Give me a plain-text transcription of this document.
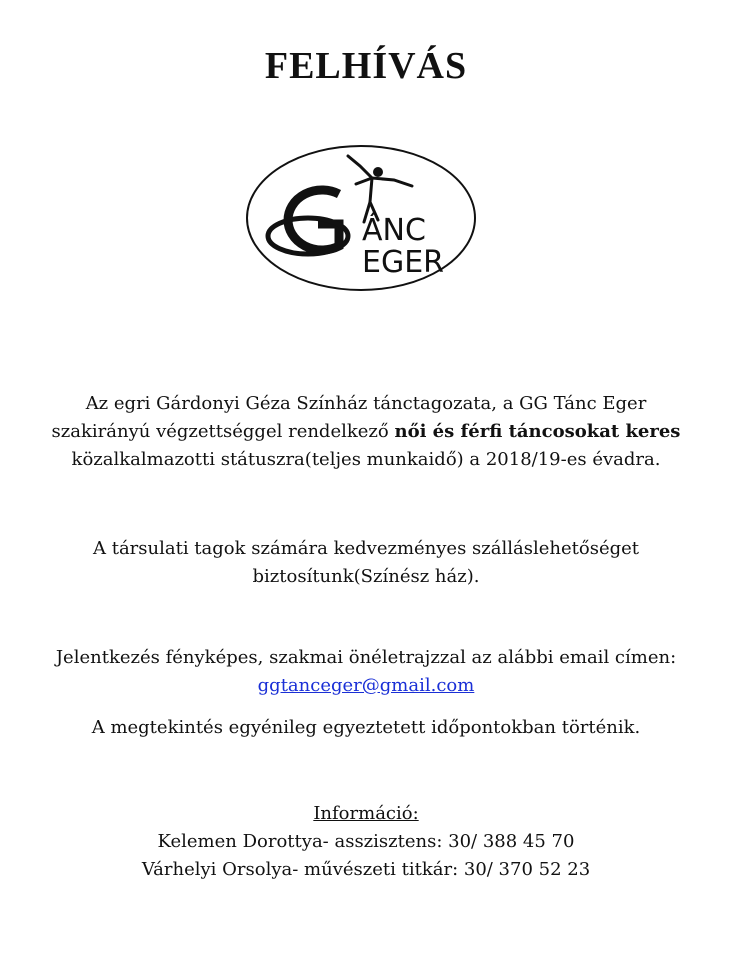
FELHÍVÁS
ÁNC
EGER
Az egri Gárdonyi Géza Színház tánctagozata, a GG Tánc Eger
szakirányú végzettséggel rendelkező női és férfi táncosokat keres
közalkalmazotti státuszra(teljes munkaidő) a 2018/19-es évadra.
A társulati tagok számára kedvezményes szálláslehetőséget
biztosítunk(Színész ház).
Jelentkezés fényképes, szakmai önéletrajzzal az alábbi email címen:
ggtanceger@gmail.com
A megtekintés egyénileg egyeztetett időpontokban történik.
Információ:
Kelemen Dorottya- asszisztens: 30/ 388 45 70
Várhelyi Orsolya- művészeti titkár: 30/ 370 52 23
